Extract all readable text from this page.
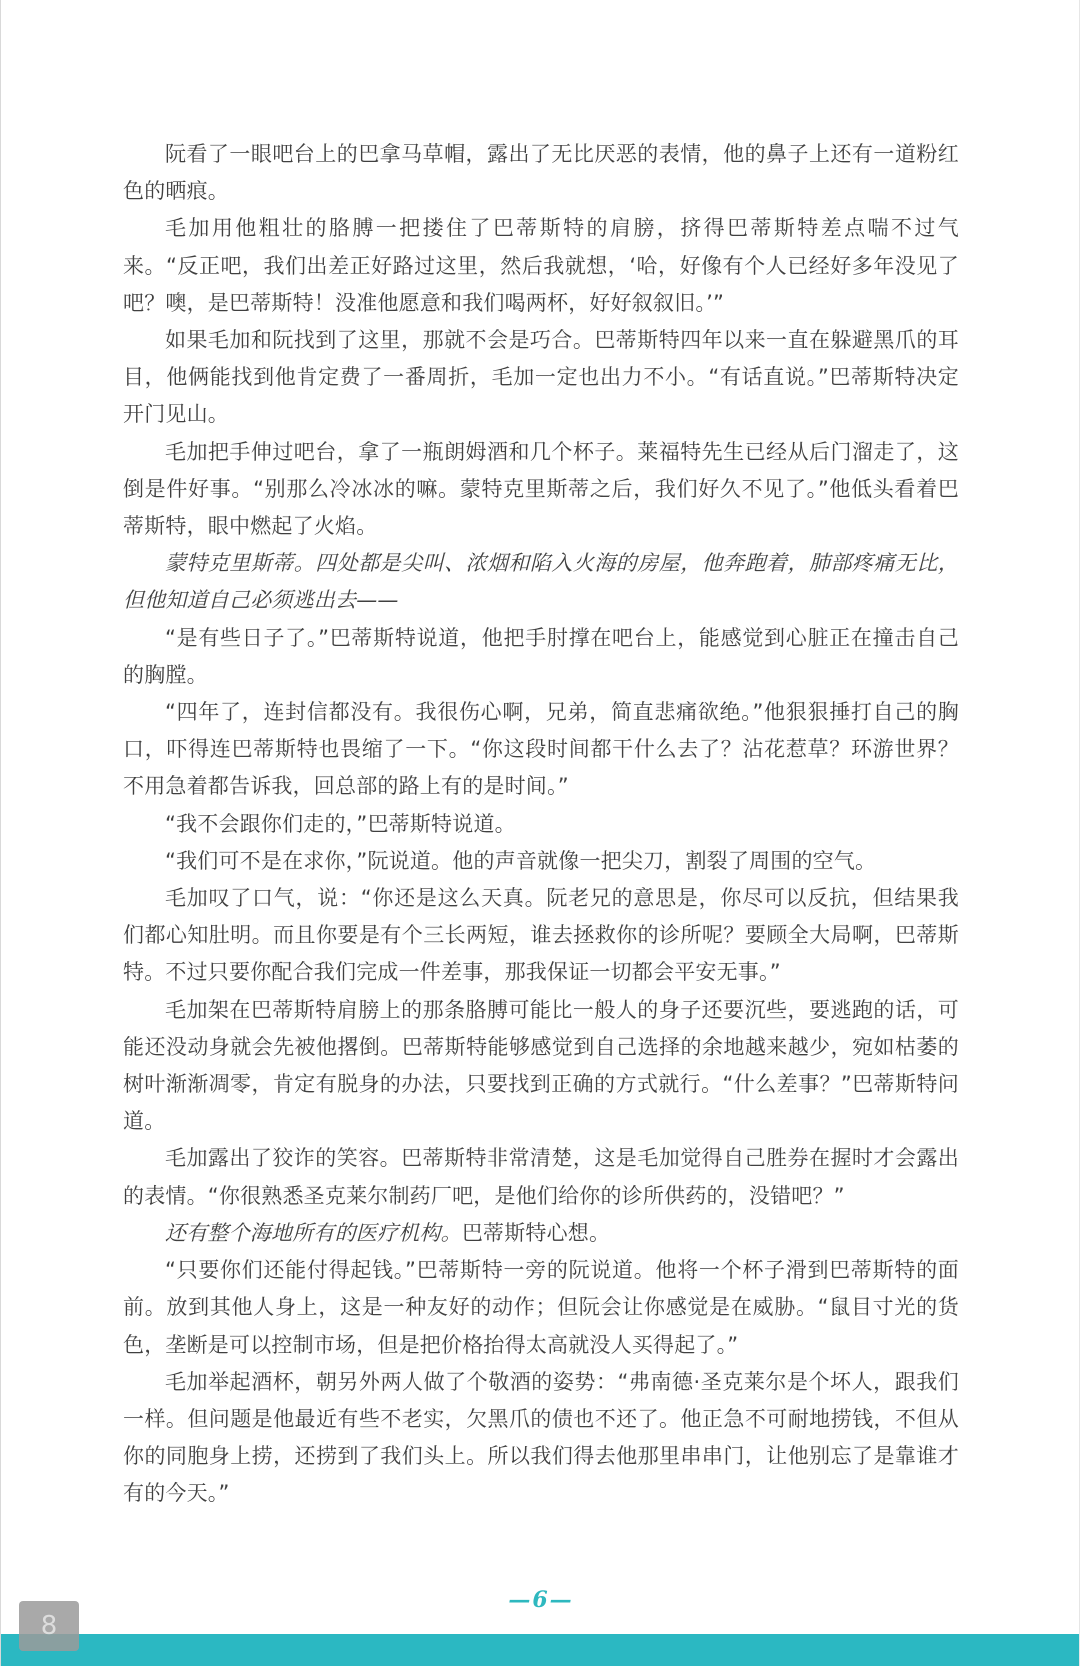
阮看了一眼吧台上的巴拿马草帽，露出了无比厌恶的表情，他的鼻子上还有一道粉红色的晒痕。

毛加用他粗壮的胳膊一把搂住了巴蒂斯特的肩膀，挤得巴蒂斯特差点喘不过气来。“反正吧，我们出差正好路过这里，然后我就想，‘哈，好像有个人已经好多年没见了吧？噢，是巴蒂斯特！没准他愿意和我们喝两杯，好好叙叙旧。’”

如果毛加和阮找到了这里，那就不会是巧合。巴蒂斯特四年以来一直在躲避黑爪的耳目，他俩能找到他肯定费了一番周折，毛加一定也出力不小。“有话直说。”巴蒂斯特决定开门见山。

毛加把手伸过吧台，拿了一瓶朗姆酒和几个杯子。莱福特先生已经从后门溜走了，这倒是件好事。“别那么冷冰冰的嘛。蒙特克里斯蒂之后，我们好久不见了。”他低头看着巴蒂斯特，眼中燃起了火焰。

蒙特克里斯蒂。四处都是尖叫、浓烟和陷入火海的房屋，他奔跑着，肺部疼痛无比，但他知道自己必须逃出去——

“是有些日子了。”巴蒂斯特说道，他把手肘撑在吧台上，能感觉到心脏正在撞击自己的胸膛。

“四年了，连封信都没有。我很伤心啊，兄弟，简直悲痛欲绝。”他狠狠捶打自己的胸口，吓得连巴蒂斯特也畏缩了一下。“你这段时间都干什么去了？沾花惹草？环游世界？不用急着都告诉我，回总部的路上有的是时间。”

“我不会跟你们走的，”巴蒂斯特说道。

“我们可不是在求你，”阮说道。他的声音就像一把尖刀，割裂了周围的空气。

毛加叹了口气，说：“你还是这么天真。阮老兄的意思是，你尽可以反抗，但结果我们都心知肚明。而且你要是有个三长两短，谁去拯救你的诊所呢？要顾全大局啊，巴蒂斯特。不过只要你配合我们完成一件差事，那我保证一切都会平安无事。”

毛加架在巴蒂斯特肩膀上的那条胳膊可能比一般人的身子还要沉些，要逃跑的话，可能还没动身就会先被他撂倒。巴蒂斯特能够感觉到自己选择的余地越来越少，宛如枯萎的树叶渐渐凋零，肯定有脱身的办法，只要找到正确的方式就行。“什么差事？”巴蒂斯特问道。

毛加露出了狡诈的笑容。巴蒂斯特非常清楚，这是毛加觉得自己胜券在握时才会露出的表情。“你很熟悉圣克莱尔制药厂吧，是他们给你的诊所供药的，没错吧？”

还有整个海地所有的医疗机构。巴蒂斯特心想。

“只要你们还能付得起钱。”巴蒂斯特一旁的阮说道。他将一个杯子滑到巴蒂斯特的面前。放到其他人身上，这是一种友好的动作；但阮会让你感觉是在威胁。“鼠目寸光的货色，垄断是可以控制市场，但是把价格抬得太高就没人买得起了。”

毛加举起酒杯，朝另外两人做了个敬酒的姿势：“弗南德·圣克莱尔是个坏人，跟我们一样。但问题是他最近有些不老实，欠黑爪的债也不还了。他正急不可耐地捞钱，不但从你的同胞身上捞，还捞到了我们头上。所以我们得去他那里串串门，让他别忘了是靠谁才有的今天。”

—6—
8
